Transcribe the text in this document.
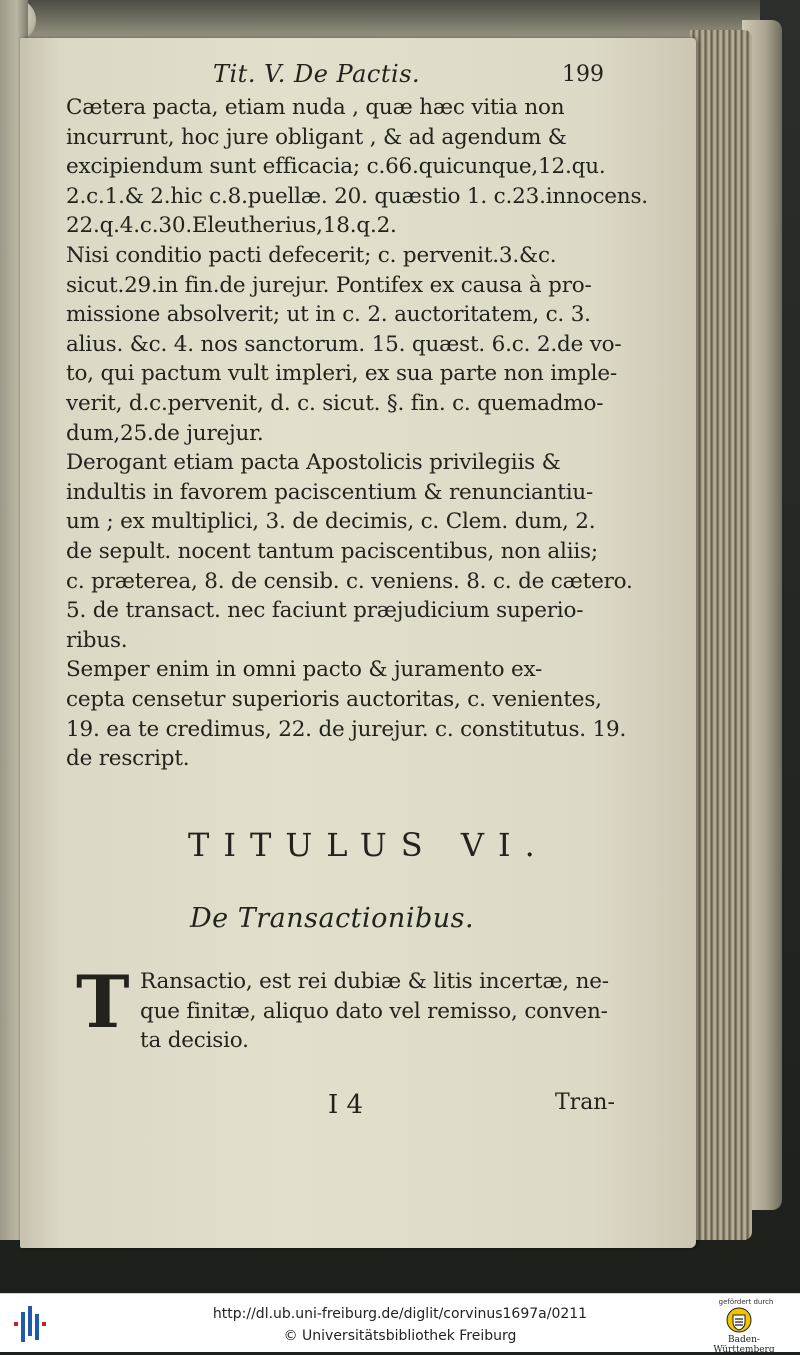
Tit. V. De Pactis.	199
Cætera pacta, etiam nuda , quæ hæc vitia non
incurrunt, hoc jure obligant , & ad agendum &
excipiendum sunt efficacia; c.66.quicunque,12.qu.
2.c.1.& 2.hic c.8.puellæ. 20. quæstio 1. c.23.innocens.
22.q.4.c.30.Eleutherius,18.q.2.
Nisi conditio pacti defecerit; c. pervenit.3.&c.
sicut.29.in fin.de jurejur. Pontifex ex causa à pro-
missione absolverit; ut in c. 2. auctoritatem, c. 3.
alius. &c. 4. nos sanctorum. 15. quæst. 6.c. 2.de vo-
to, qui pactum vult impleri, ex sua parte non imple-
verit, d.c.pervenit, d. c. sicut. §. fin. c. quemadmo-
dum,25.de jurejur.
Derogant etiam pacta Apostolicis privilegiis &
indultis in favorem paciscentium & renunciantiu-
um ; ex multiplici, 3. de decimis, c. Clem. dum, 2.
de sepult. nocent tantum paciscentibus, non aliis;
c. præterea, 8. de censib. c. veniens. 8. c. de cætero.
5. de transact. nec faciunt præjudicium superio-
ribus.
Semper enim in omni pacto & juramento ex-
cepta censetur superioris auctoritas, c. venientes,
19. ea te credimus, 22. de jurejur. c. constitutus. 19.
de rescript.
TITULUS VI.
De Transactionibus.
T Ransactio, est rei dubiæ & litis incertæ, ne-
que finitæ, aliquo dato vel remisso, conven-
ta decisio.
I 4	Tran-
http://dl.ub.uni-freiburg.de/diglit/corvinus1697a/0211
© Universitätsbibliothek Freiburg
gefördert durch
Baden-Württemberg
